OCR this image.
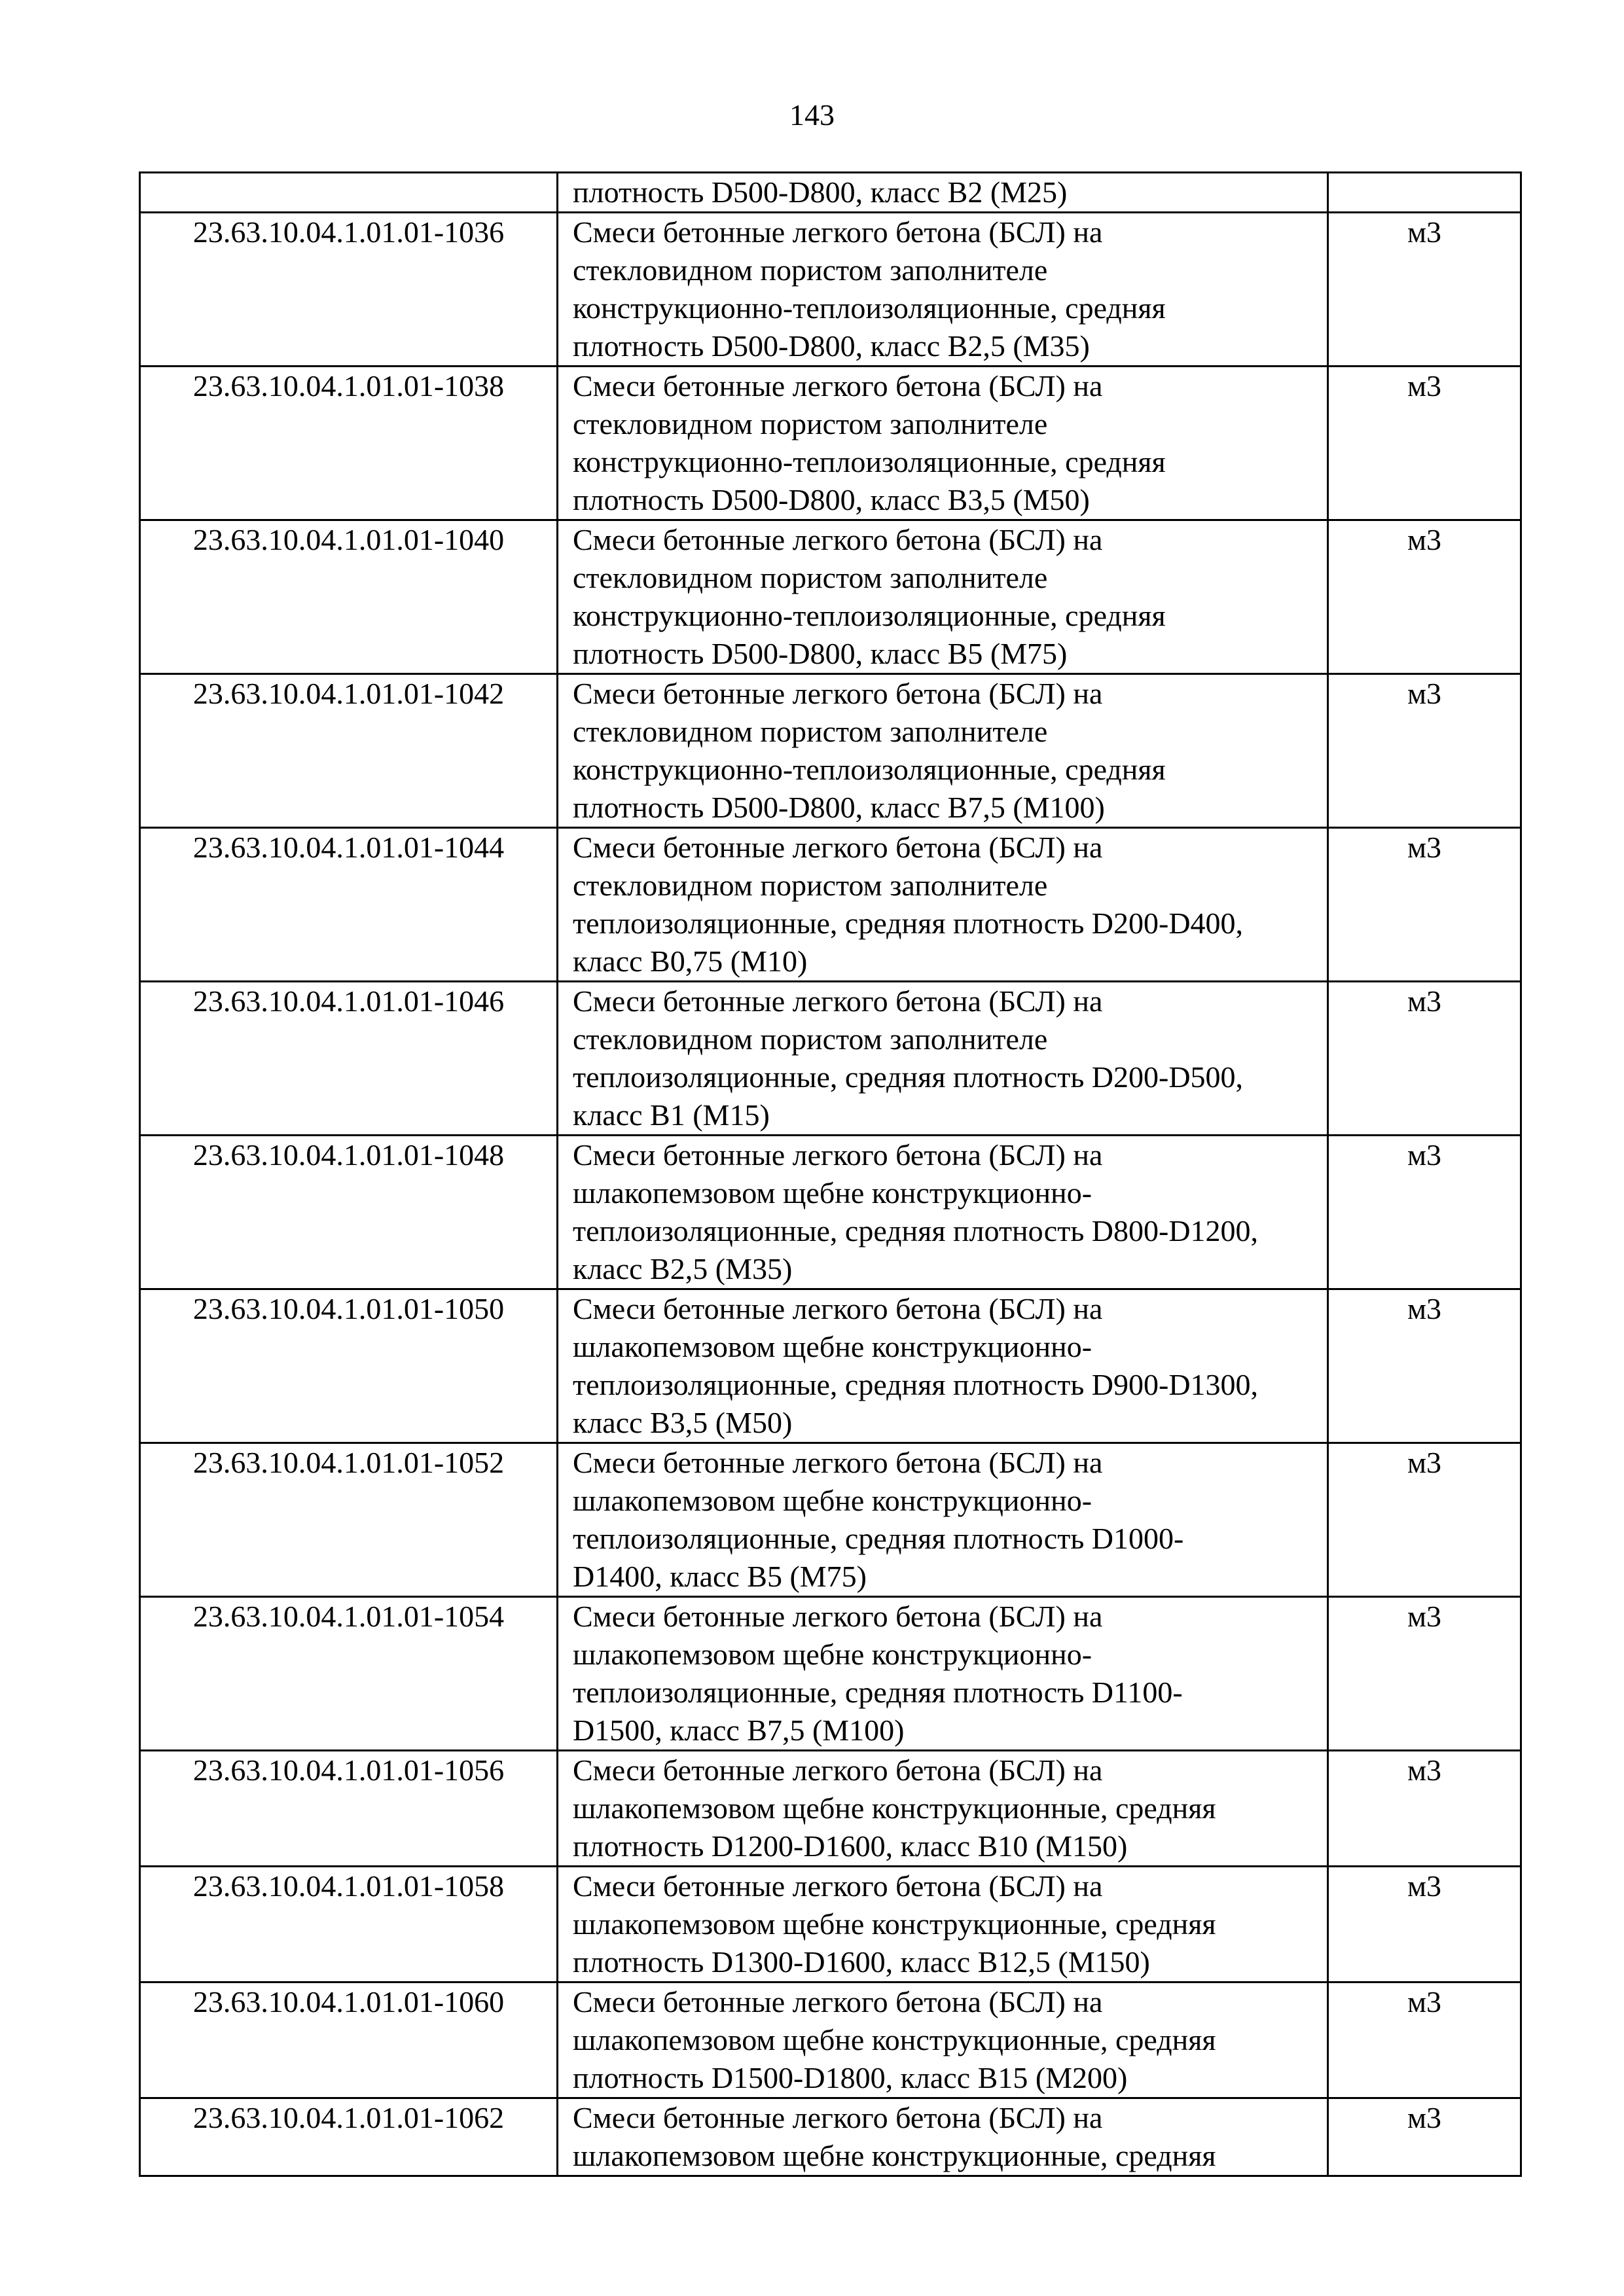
143

	плотность D500-D800, класс В2 (М25)	

23.63.10.04.1.01.01-1036	Смеси бетонные легкого бетона (БСЛ) на
стекловидном пористом заполнителе
конструкционно-теплоизоляционные, средняя
плотность D500-D800, класс В2,5 (М35)	м3
23.63.10.04.1.01.01-1038	Смеси бетонные легкого бетона (БСЛ) на
стекловидном пористом заполнителе
конструкционно-теплоизоляционные, средняя
плотность D500-D800, класс В3,5 (М50)	м3
23.63.10.04.1.01.01-1040	Смеси бетонные легкого бетона (БСЛ) на
стекловидном пористом заполнителе
конструкционно-теплоизоляционные, средняя
плотность D500-D800, класс В5 (М75)	м3
23.63.10.04.1.01.01-1042	Смеси бетонные легкого бетона (БСЛ) на
стекловидном пористом заполнителе
конструкционно-теплоизоляционные, средняя
плотность D500-D800, класс В7,5 (М100)	м3
23.63.10.04.1.01.01-1044	Смеси бетонные легкого бетона (БСЛ) на
стекловидном пористом заполнителе
теплоизоляционные, средняя плотность D200-D400,
класс В0,75 (М10)	м3
23.63.10.04.1.01.01-1046	Смеси бетонные легкого бетона (БСЛ) на
стекловидном пористом заполнителе
теплоизоляционные, средняя плотность D200-D500,
класс В1 (М15)	м3
23.63.10.04.1.01.01-1048	Смеси бетонные легкого бетона (БСЛ) на
шлакопемзовом щебне конструкционно-
теплоизоляционные, средняя плотность D800-D1200,
класс В2,5 (М35)	м3
23.63.10.04.1.01.01-1050	Смеси бетонные легкого бетона (БСЛ) на
шлакопемзовом щебне конструкционно-
теплоизоляционные, средняя плотность D900-D1300,
класс В3,5 (М50)	м3
23.63.10.04.1.01.01-1052	Смеси бетонные легкого бетона (БСЛ) на
шлакопемзовом щебне конструкционно-
теплоизоляционные, средняя плотность D1000-
D1400, класс В5 (М75)	м3
23.63.10.04.1.01.01-1054	Смеси бетонные легкого бетона (БСЛ) на
шлакопемзовом щебне конструкционно-
теплоизоляционные, средняя плотность D1100-
D1500, класс В7,5 (М100)	м3
23.63.10.04.1.01.01-1056	Смеси бетонные легкого бетона (БСЛ) на
шлакопемзовом щебне конструкционные, средняя
плотность D1200-D1600, класс В10 (М150)	м3
23.63.10.04.1.01.01-1058	Смеси бетонные легкого бетона (БСЛ) на
шлакопемзовом щебне конструкционные, средняя
плотность D1300-D1600, класс В12,5 (М150)	м3
23.63.10.04.1.01.01-1060	Смеси бетонные легкого бетона (БСЛ) на
шлакопемзовом щебне конструкционные, средняя
плотность D1500-D1800, класс В15 (М200)	м3
23.63.10.04.1.01.01-1062	Смеси бетонные легкого бетона (БСЛ) на
шлакопемзовом щебне конструкционные, средняя	м3
